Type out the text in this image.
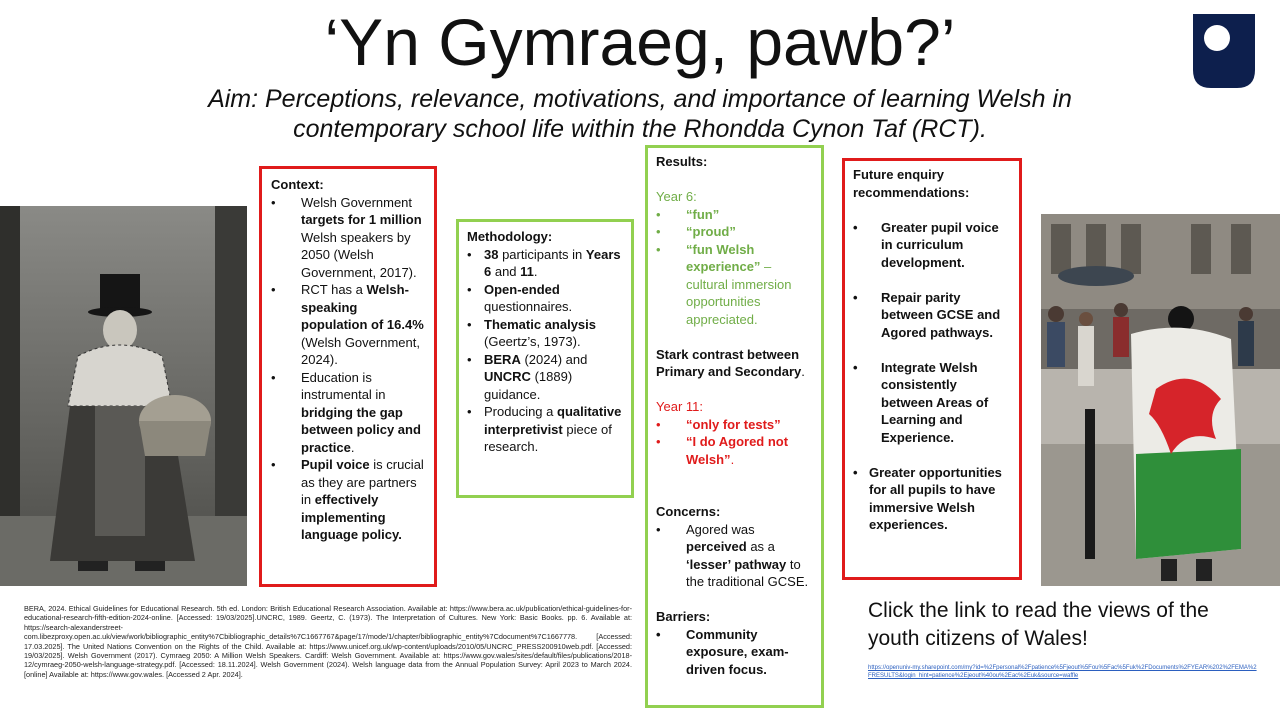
‘Yn Gymraeg, pawb?’
Aim: Perceptions, relevance, motivations, and importance of learning Welsh in contemporary school life within the Rhondda Cynon Taf (RCT).
Context:
• Welsh Government targets for 1 million Welsh speakers by 2050 (Welsh Government, 2017).
• RCT has a Welsh-speaking population of 16.4% (Welsh Government, 2024).
• Education is instrumental in bridging the gap between policy and practice.
• Pupil voice is crucial as they are partners in effectively implementing language policy.
Methodology:
• 38 participants in Years 6 and 11.
• Open-ended questionnaires.
• Thematic analysis (Geertz’s, 1973).
• BERA (2024) and UNCRC (1889) guidance.
• Producing a qualitative interpretivist piece of research.
Results:
Year 6:
• “fun”
• “proud”
• “fun Welsh experience” – cultural immersion opportunities appreciated.
Stark contrast between Primary and Secondary.
Year 11:
• “only for tests”
• “I do Agored not Welsh”.
Concerns:
• Agored was perceived as a ‘lesser’ pathway to the traditional GCSE.
Barriers:
• Community exposure, exam-driven focus.
Future enquiry recommendations:
• Greater pupil voice in curriculum development.
• Repair parity between GCSE and Agored pathways.
• Integrate Welsh consistently between Areas of Learning and Experience.
• Greater opportunities for all pupils to have immersive Welsh experiences.
BERA, 2024. Ethical Guidelines for Educational Research. 5th ed. London: British Educational Research Association. Available at: https://www.bera.ac.uk/publication/ethical-guidelines-for-educational-research-fifth-edition-2024-online. [Accessed: 19/03/2025].UNCRC, 1989. Geertz, C. (1973). The Interpretation of Cultures. New York: Basic Books. pp. 6. Available at: https://search-alexanderstreet-com.libezproxy.open.ac.uk/view/work/bibliographic_entity%7Cbibliographic_details%7C1667767&page/17/mode/1/chapter/bibliographic_entity%7Cdocument%7C1667778. [Accessed: 17.03.2025]. The United Nations Convention on the Rights of the Child. Available at: https://www.unicef.org.uk/wp-content/uploads/2010/05/UNCRC_PRESS200910web.pdf. [Accessed: 19/03/2025]. Welsh Government (2017). Cymraeg 2050: A Million Welsh Speakers. Cardiff: Welsh Government. Available at: https://www.gov.wales/sites/default/files/publications/2018-12/cymraeg-2050-welsh-language-strategy.pdf. [Accessed: 18.11.2024]. Welsh Government (2024). Welsh language data from the Annual Population Survey: April 2023 to March 2024. [online] Available at: https://www.gov.wales. [Accessed 2 Apr. 2024].
Click the link to read the views of the youth citizens of Wales!
https://openuniv-my.sharepoint.com/my?id=%2Fpersonal%2Fpatience%5Fjeout%5Fou%5Fac%5Fuk%2FDocuments%2FYEAR%202%2FEMA%2FRESULTS&login_hint=patience%2Ejeout%40ou%2Eac%2Euk&source=waffle
